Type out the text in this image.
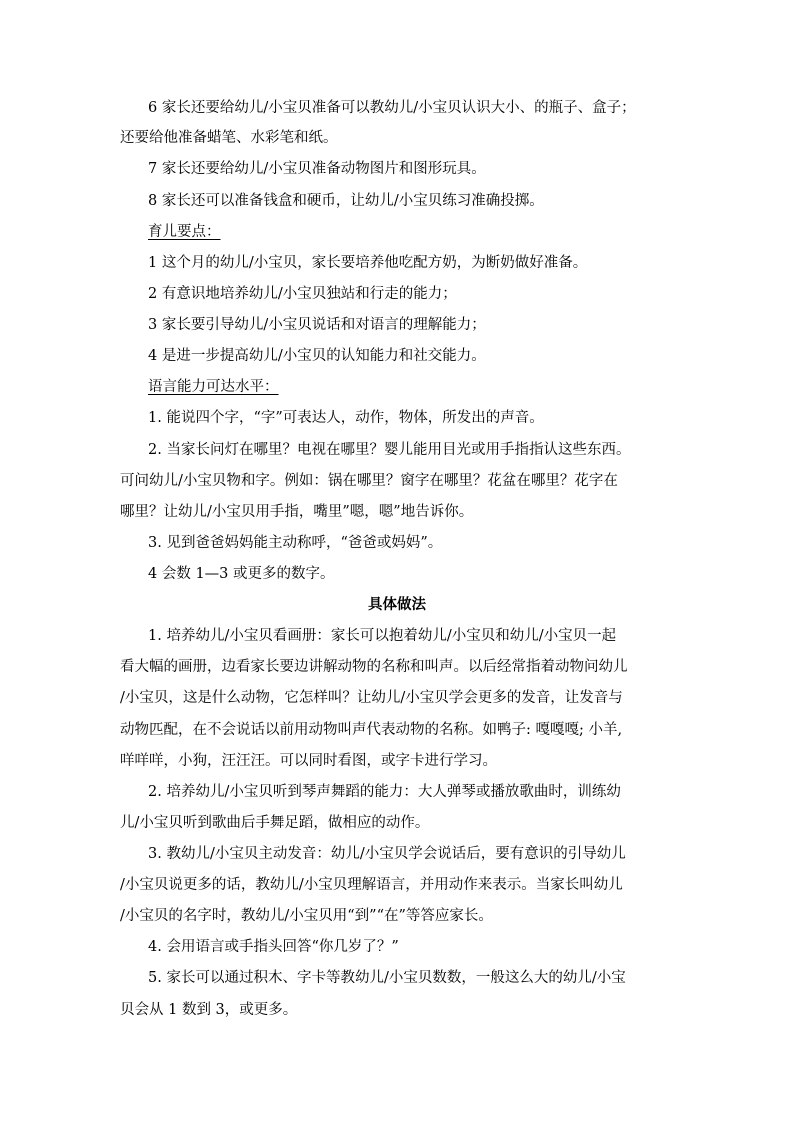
6 家长还要给幼儿/小宝贝准备可以教幼儿/小宝贝认识大小、的瓶子、盒子；
还要给他准备蜡笔、水彩笔和纸。
7 家长还要给幼儿/小宝贝准备动物图片和图形玩具。
8 家长还可以准备钱盒和硬币，让幼儿/小宝贝练习准确投掷。
育儿要点：
1 这个月的幼儿/小宝贝，家长要培养他吃配方奶，为断奶做好准备。
2 有意识地培养幼儿/小宝贝独站和行走的能力；
3 家长要引导幼儿/小宝贝说话和对语言的理解能力；
4 是进一步提高幼儿/小宝贝的认知能力和社交能力。
语言能力可达水平：
1. 能说四个字，“字”可表达人，动作，物体，所发出的声音。
2. 当家长问灯在哪里？电视在哪里？婴儿能用目光或用手指指认这些东西。
可问幼儿/小宝贝物和字。例如：锅在哪里？窗字在哪里？花盆在哪里？花字在
哪里？让幼儿/小宝贝用手指，嘴里”嗯，嗯”地告诉你。
3. 见到爸爸妈妈能主动称呼，“爸爸或妈妈”。
4 会数 1—3 或更多的数字。
具体做法
1. 培养幼儿/小宝贝看画册：家长可以抱着幼儿/小宝贝和幼儿/小宝贝一起
看大幅的画册，边看家长要边讲解动物的名称和叫声。以后经常指着动物问幼儿
/小宝贝，这是什么动物，它怎样叫？让幼儿/小宝贝学会更多的发音，让发音与
动物匹配，在不会说话以前用动物叫声代表动物的名称。如鸭子: 嘎嘎嘎; 小羊,
咩咩咩，小狗，汪汪汪。可以同时看图，或字卡进行学习。
2. 培养幼儿/小宝贝听到琴声舞蹈的能力：大人弹琴或播放歌曲时，训练幼
儿/小宝贝听到歌曲后手舞足蹈，做相应的动作。
3. 教幼儿/小宝贝主动发音：幼儿/小宝贝学会说话后，要有意识的引导幼儿
/小宝贝说更多的话，教幼儿/小宝贝理解语言，并用动作来表示。当家长叫幼儿
/小宝贝的名字时，教幼儿/小宝贝用“到”“在”等答应家长。
4. 会用语言或手指头回答“你几岁了？”
5. 家长可以通过积木、字卡等教幼儿/小宝贝数数，一般这么大的幼儿/小宝
贝会从 1 数到 3，或更多。
